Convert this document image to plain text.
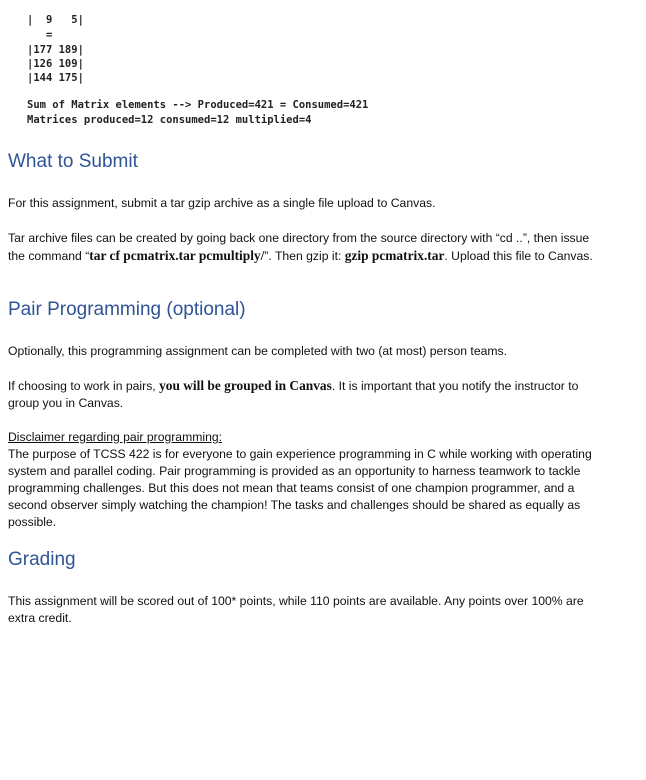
|  9   5|
=
|177 189|
|126 109|
|144 175|
Sum of Matrix elements --> Produced=421 = Consumed=421
Matrices produced=12 consumed=12 multiplied=4
What to Submit

For this assignment, submit a tar gzip archive as a single file upload to Canvas.

Tar archive files can be created by going back one directory from the source directory with “cd ..”, then issue the command “tar cf pcmatrix.tar pcmultiply/”. Then gzip it: gzip pcmatrix.tar. Upload this file to Canvas.

Pair Programming (optional)

Optionally, this programming assignment can be completed with two (at most) person teams.

If choosing to work in pairs, you will be grouped in Canvas. It is important that you notify the instructor to group you in Canvas.

Disclaimer regarding pair programming:
The purpose of TCSS 422 is for everyone to gain experience programming in C while working with operating system and parallel coding. Pair programming is provided as an opportunity to harness teamwork to tackle programming challenges. But this does not mean that teams consist of one champion programmer, and a second observer simply watching the champion! The tasks and challenges should be shared as equally as possible.

Grading

This assignment will be scored out of 100* points, while 110 points are available. Any points over 100% are extra credit.
